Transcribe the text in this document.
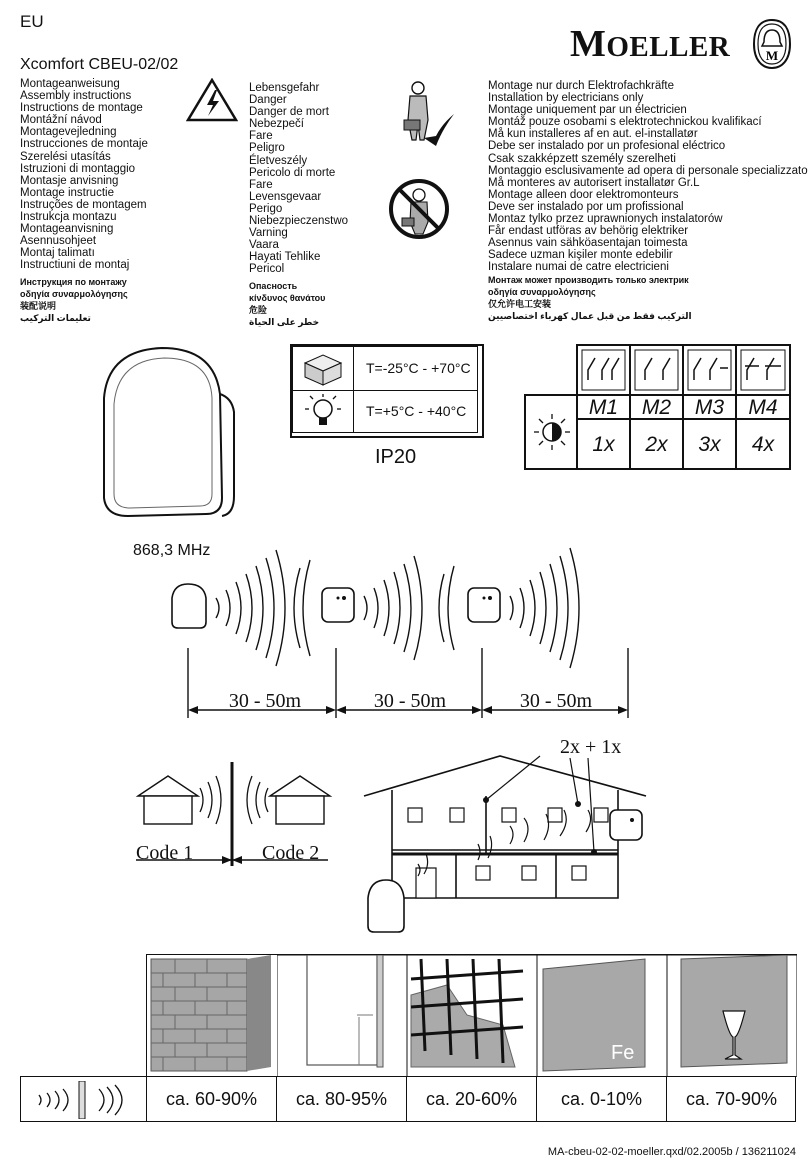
EU
Xcomfort CBEU-02/02	MOELLER	M
Montageanweisung
Assembly instructions
Instructions de montage
Montážní návod
Montagevejledning
Instrucciones de montaje
Szerelési utasítás
Istruzioni di montaggio
Montasje anvisning
Montage instructie
Instruções de montagem
Instrukcja montazu
Montageanvisning
Asennusohjeet
Montaj talimatı
Instructiuni de montaj
Инструкция по монтажу
οδηγία συναρμολόγησης
装配说明
تعليمات التركيب
Lebensgefahr
Danger
Danger de mort
Nebezpečí
Fare
Peligro
Életveszély
Pericolo di morte
Fare
Levensgevaar
Perigo
Niebezpieczenstwo
Varning
Vaara
Hayati Tehlike
Pericol
Опасность
κίνδυνος θανάτου
危险
خطر على الحياة
Montage nur durch Elektrofachkräfte
Installation by electricians only
Montage uniquement par un électricien
Montáž pouze osobami s elektrotechnickou kvalifikací
Må kun installeres af en aut. el-installatør
Debe ser instalado por un profesional eléctrico
Csak szakképzett személy szerelheti
Montaggio esclusivamente ad opera di personale specializzato
Må monteres av autorisert installatør Gr.L
Montage alleen door elektromonteurs
Deve ser instalado por um profissional
Montaz tylko przez uprawnionych instalatorów
Får endast utföras av behörig elektriker
Asennus vain sähköasentajan toimesta
Sadece uzman kişiler monte edebilir
Instalare numai de catre electricieni
Монтаж может производить только электрик
οδηγία συναρμολόγησης
仅允许电工安装
التركيب فقط من قبل عمال كهرباء اختصاصيين
T=-25°C - +70°C
T=+5°C - +40°C
IP20
M1	M2	M3	M4
1x	2x	3x	4x
868,3 MHz
30 - 50m	30 - 50m	30 - 50m
Code 1	Code 2
2x + 1x
Fe
ca. 60-90%	ca. 80-95%	ca. 20-60%	ca. 0-10%	ca. 70-90%
MA-cbeu-02-02-moeller.qxd/02.2005b / 136211024
